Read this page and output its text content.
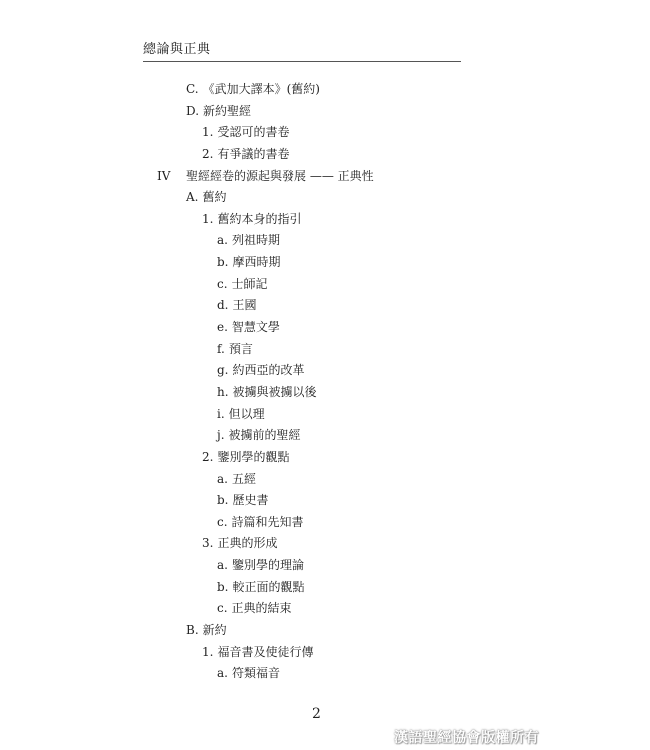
總論與正典
C. 《武加大譯本》(舊約)
D. 新約聖經
1. 受認可的書卷
2. 有爭議的書卷
IV 聖經經卷的源起與發展 —— 正典性
A. 舊約
1. 舊約本身的指引
a. 列祖時期
b. 摩西時期
c. 士師記
d. 王國
e. 智慧文學
f. 預言
g. 約西亞的改革
h. 被擄與被擄以後
i. 但以理
j. 被擄前的聖經
2. 鑒別學的觀點
a. 五經
b. 歷史書
c. 詩篇和先知書
3. 正典的形成
a. 鑒別學的理論
b. 較正面的觀點
c. 正典的結束
B. 新約
1. 福音書及使徒行傳
a. 符類福音
2
漢語聖經協會版權所有
